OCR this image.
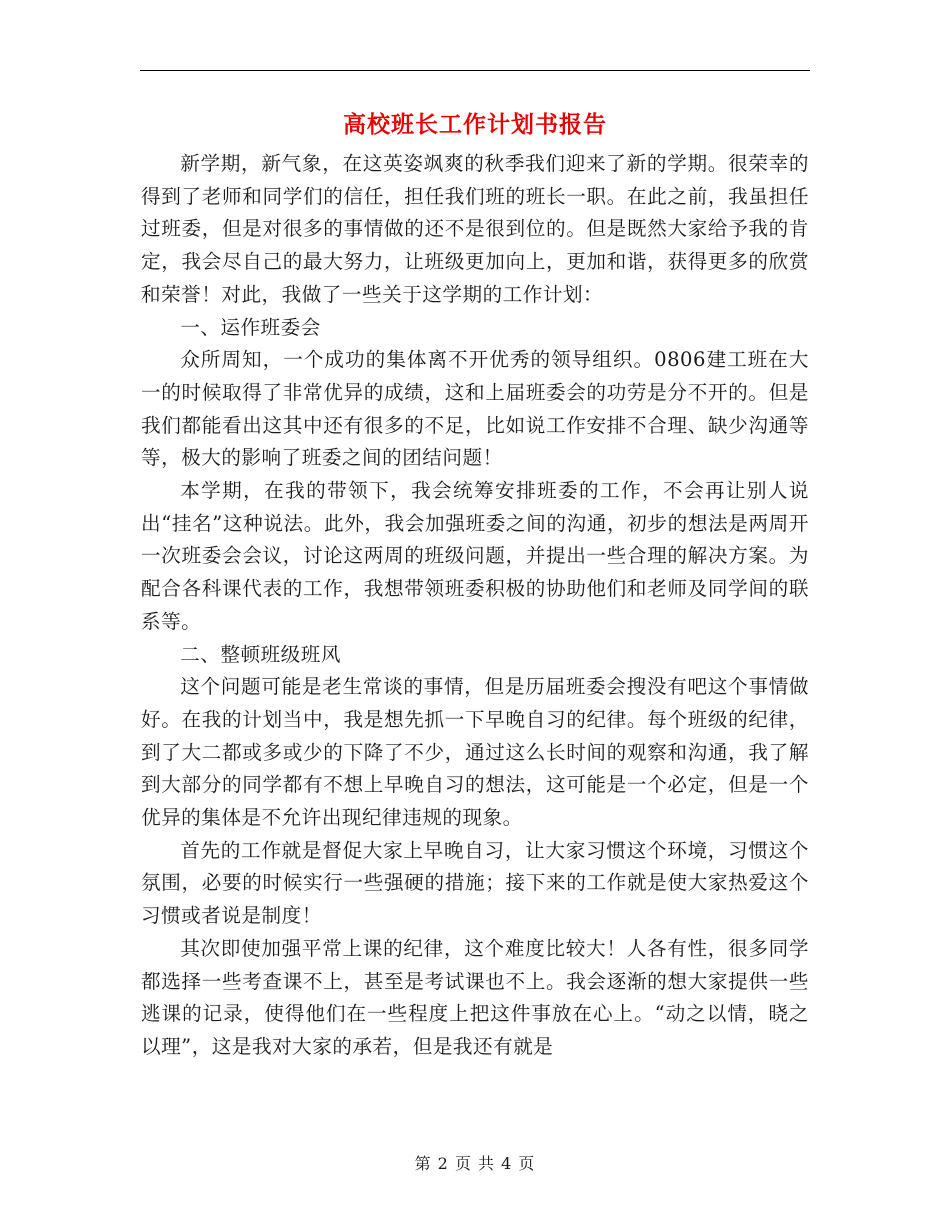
高校班长工作计划书报告

新学期，新气象，在这英姿飒爽的秋季我们迎来了新的学期。很荣幸的得到了老师和同学们的信任，担任我们班的班长一职。在此之前，我虽担任过班委，但是对很多的事情做的还不是很到位的。但是既然大家给予我的肯定，我会尽自己的最大努力，让班级更加向上，更加和谐，获得更多的欣赏和荣誉！对此，我做了一些关于这学期的工作计划：

一、运作班委会

众所周知，一个成功的集体离不开优秀的领导组织。0806建工班在大一的时候取得了非常优异的成绩，这和上届班委会的功劳是分不开的。但是我们都能看出这其中还有很多的不足，比如说工作安排不合理、缺少沟通等等，极大的影响了班委之间的团结问题！

本学期，在我的带领下，我会统筹安排班委的工作，不会再让别人说出“挂名”这种说法。此外，我会加强班委之间的沟通，初步的想法是两周开一次班委会会议，讨论这两周的班级问题，并提出一些合理的解决方案。为配合各科课代表的工作，我想带领班委积极的协助他们和老师及同学间的联系等。

二、整顿班级班风

这个问题可能是老生常谈的事情，但是历届班委会搜没有吧这个事情做好。在我的计划当中，我是想先抓一下早晚自习的纪律。每个班级的纪律，到了大二都或多或少的下降了不少，通过这么长时间的观察和沟通，我了解到大部分的同学都有不想上早晚自习的想法，这可能是一个必定，但是一个优异的集体是不允许出现纪律违规的现象。

首先的工作就是督促大家上早晚自习，让大家习惯这个环境，习惯这个氛围，必要的时候实行一些强硬的措施；接下来的工作就是使大家热爱这个习惯或者说是制度！

其次即使加强平常上课的纪律，这个难度比较大！人各有性，很多同学都选择一些考查课不上，甚至是考试课也不上。我会逐渐的想大家提供一些逃课的记录，使得他们在一些程度上把这件事放在心上。“动之以情，晓之以理”，这是我对大家的承若，但是我还有就是

第 2 页 共 4 页
